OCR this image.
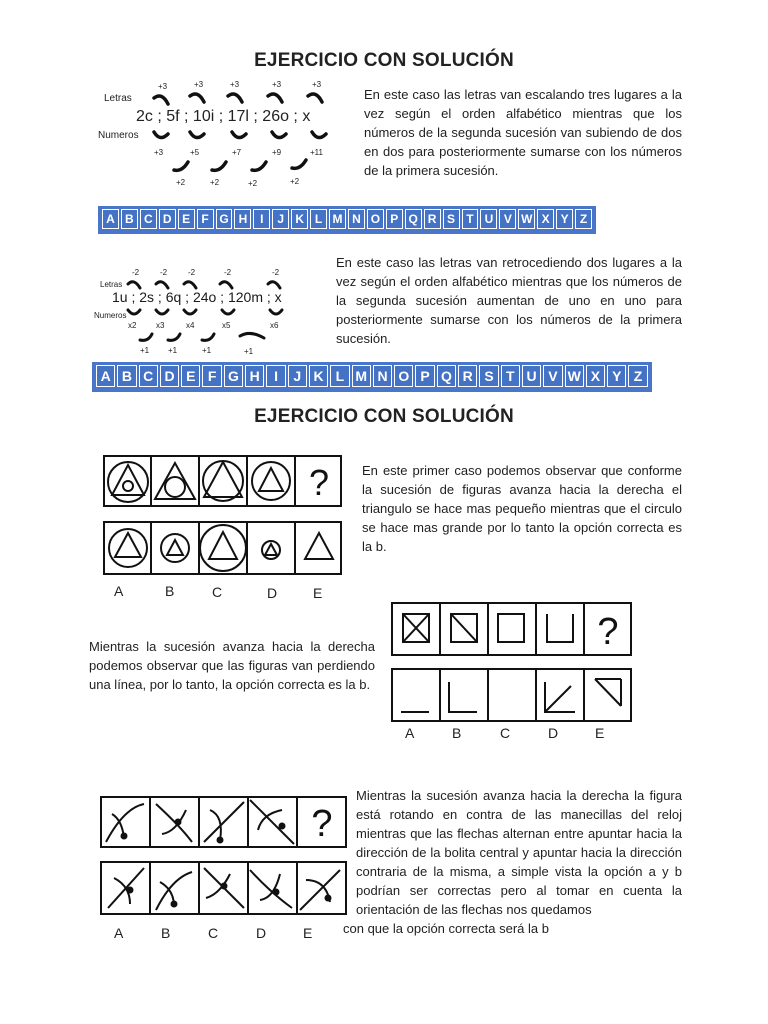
EJERCICIO CON SOLUCIÓN
Letras
Numeros
+3	+3	+3	+3	+3
2c ; 5f ; 10i ; 17l ; 26o ; x
+3	+5	+7	+9	+11
+2	+2	+2	+2
En este caso las letras van escalando tres lugares a la vez según el orden alfabético mientras que los números de la segunda sucesión van subiendo de dos en dos para posteriormente sumarse con los números de la primera sucesión.
A B C D E F G H	I	J K L M N O P Q R S T U V W X Y Z
Letras
Numeros
-2	-2	-2	-2	-2
1u ; 2s ; 6q ; 24o ; 120m ; x
x2 x3	x4	x5	x6
+1 +1	+1	+1
En este caso las letras van retrocediendo dos lugares a la vez según el orden alfabético mientras que los números de la segunda sucesión aumentan de uno en uno para posteriormente sumarse con los números de la primera sucesión.
A B C D E F G H	I	J K L M N O P Q R S T U V W X Y Z
EJERCICIO CON SOLUCIÓN
?
A	B	C	D	E
En este primer caso podemos observar que conforme la sucesión de figuras avanza hacia la derecha el triangulo se hace mas pequeño mientras que el circulo se hace mas grande por lo tanto la opción correcta es la b.
Mientras la sucesión avanza hacia la derecha podemos observar que las figuras van perdiendo una línea, por lo tanto, la opción correcta es la b.
?
A	B	C	D	E
?
A	B	C	D	E
Mientras la sucesión avanza hacia la derecha la figura está rotando en contra de las manecillas del reloj mientras que las flechas alternan entre apuntar hacia la dirección de la bolita central y apuntar hacia la dirección contraria de la misma, a simple vista la opción a y b podrían ser correctas pero al tomar en cuenta la orientación de las flechas nos quedamos
con que la opción correcta será la b
